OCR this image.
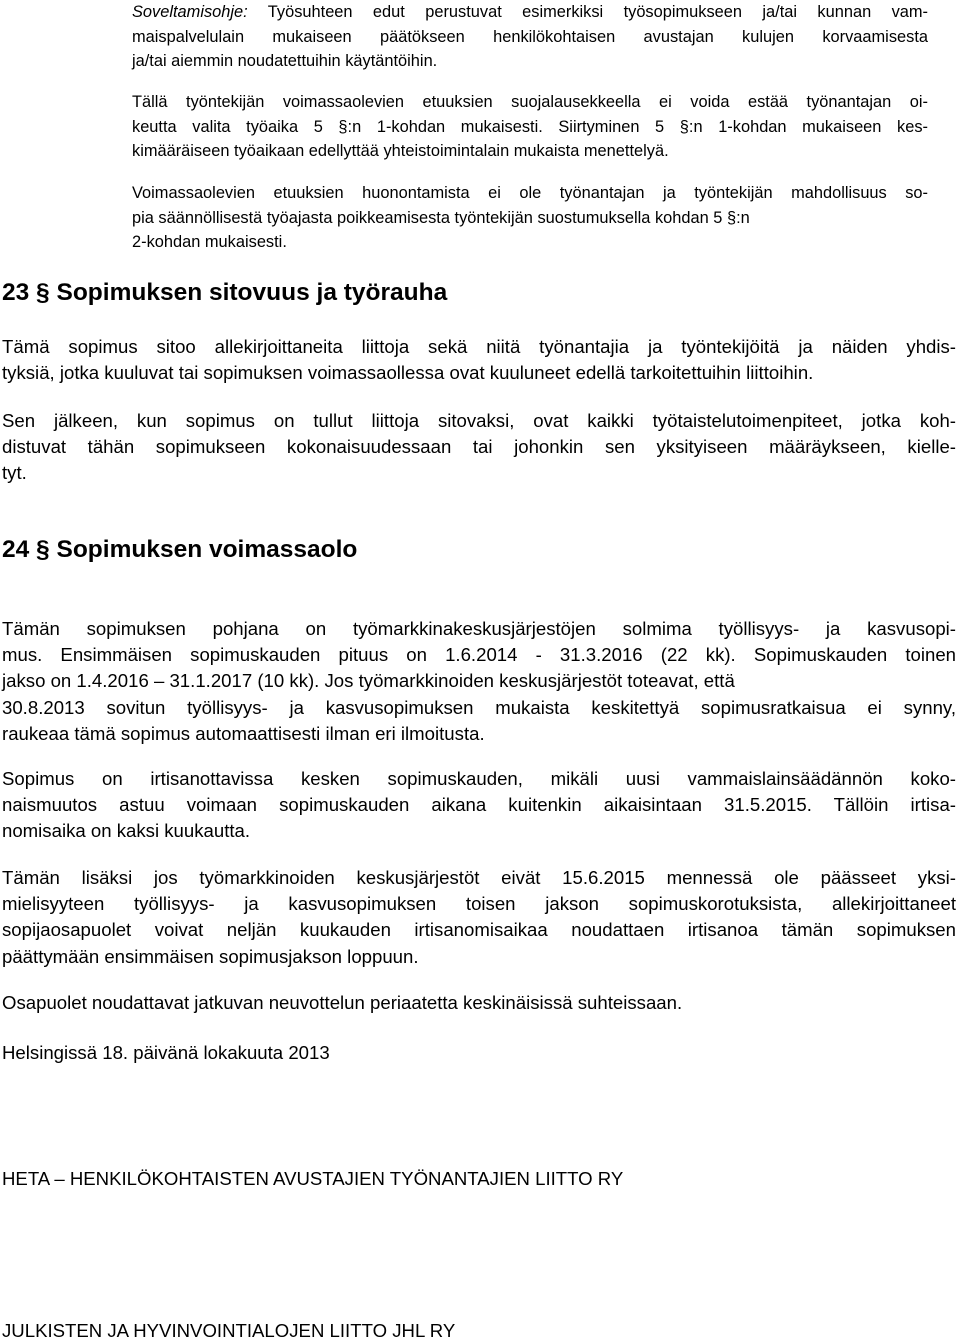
Soveltamisohje: Työsuhteen edut perustuvat esimerkiksi työsopimukseen ja/tai kunnan vam-
maispalvelulain mukaiseen päätökseen henkilökohtaisen avustajan kulujen korvaamisesta
ja/tai aiemmin noudatettuihin käytäntöihin.
Tällä työntekijän voimassaolevien etuuksien suojalausekkeella ei voida estää työnantajan oi-
keutta valita työaika 5 §:n 1-kohdan mukaisesti. Siirtyminen 5 §:n 1-kohdan mukaiseen kes-
kimääräiseen työaikaan edellyttää yhteistoimintalain mukaista menettelyä.
Voimassaolevien etuuksien huonontamista ei ole työnantajan ja työntekijän mahdollisuus so-
pia säännöllisestä työajasta poikkeamisesta työntekijän suostumuksella kohdan 5 §:n
2-kohdan mukaisesti.
23 § Sopimuksen sitovuus ja työrauha
Tämä sopimus sitoo allekirjoittaneita liittoja sekä niitä työnantajia ja työntekijöitä ja näiden yhdis-
tyksiä, jotka kuuluvat tai sopimuksen voimassaollessa ovat kuuluneet edellä tarkoitettuihin liittoihin.
Sen jälkeen, kun sopimus on tullut liittoja sitovaksi, ovat kaikki työtaistelutoimenpiteet, jotka koh-
distuvat tähän sopimukseen kokonaisuudessaan tai johonkin sen yksityiseen määräykseen, kielle-
tyt.
24 § Sopimuksen voimassaolo
Tämän sopimuksen pohjana on työmarkkinakeskusjärjestöjen solmima työllisyys- ja kasvusopi-
mus. Ensimmäisen sopimuskauden pituus on 1.6.2014 - 31.3.2016 (22 kk). Sopimuskauden toinen
jakso on 1.4.2016 – 31.1.2017 (10 kk). Jos työmarkkinoiden keskusjärjestöt toteavat, että
30.8.2013 sovitun työllisyys- ja kasvusopimuksen mukaista keskitettyä sopimusratkaisua ei synny,
raukeaa tämä sopimus automaattisesti ilman eri ilmoitusta.
Sopimus on irtisanottavissa kesken sopimuskauden, mikäli uusi vammaislainsäädännön koko-
naismuutos astuu voimaan sopimuskauden aikana kuitenkin aikaisintaan 31.5.2015. Tällöin irtisa-
nomisaika on kaksi kuukautta.
Tämän lisäksi jos työmarkkinoiden keskusjärjestöt eivät 15.6.2015 mennessä ole päässeet yksi-
mielisyyteen työllisyys- ja kasvusopimuksen toisen jakson sopimuskorotuksista, allekirjoittaneet
sopijaosapuolet voivat neljän kuukauden irtisanomisaikaa noudattaen irtisanoa tämän sopimuksen
päättymään ensimmäisen sopimusjakson loppuun.
Osapuolet noudattavat jatkuvan neuvottelun periaatetta keskinäisissä suhteissaan.
Helsingissä 18. päivänä lokakuuta 2013
HETA – HENKILÖKOHTAISTEN AVUSTAJIEN TYÖNANTAJIEN LIITTO RY
JULKISTEN JA HYVINVOINTIALOJEN LIITTO JHL RY
